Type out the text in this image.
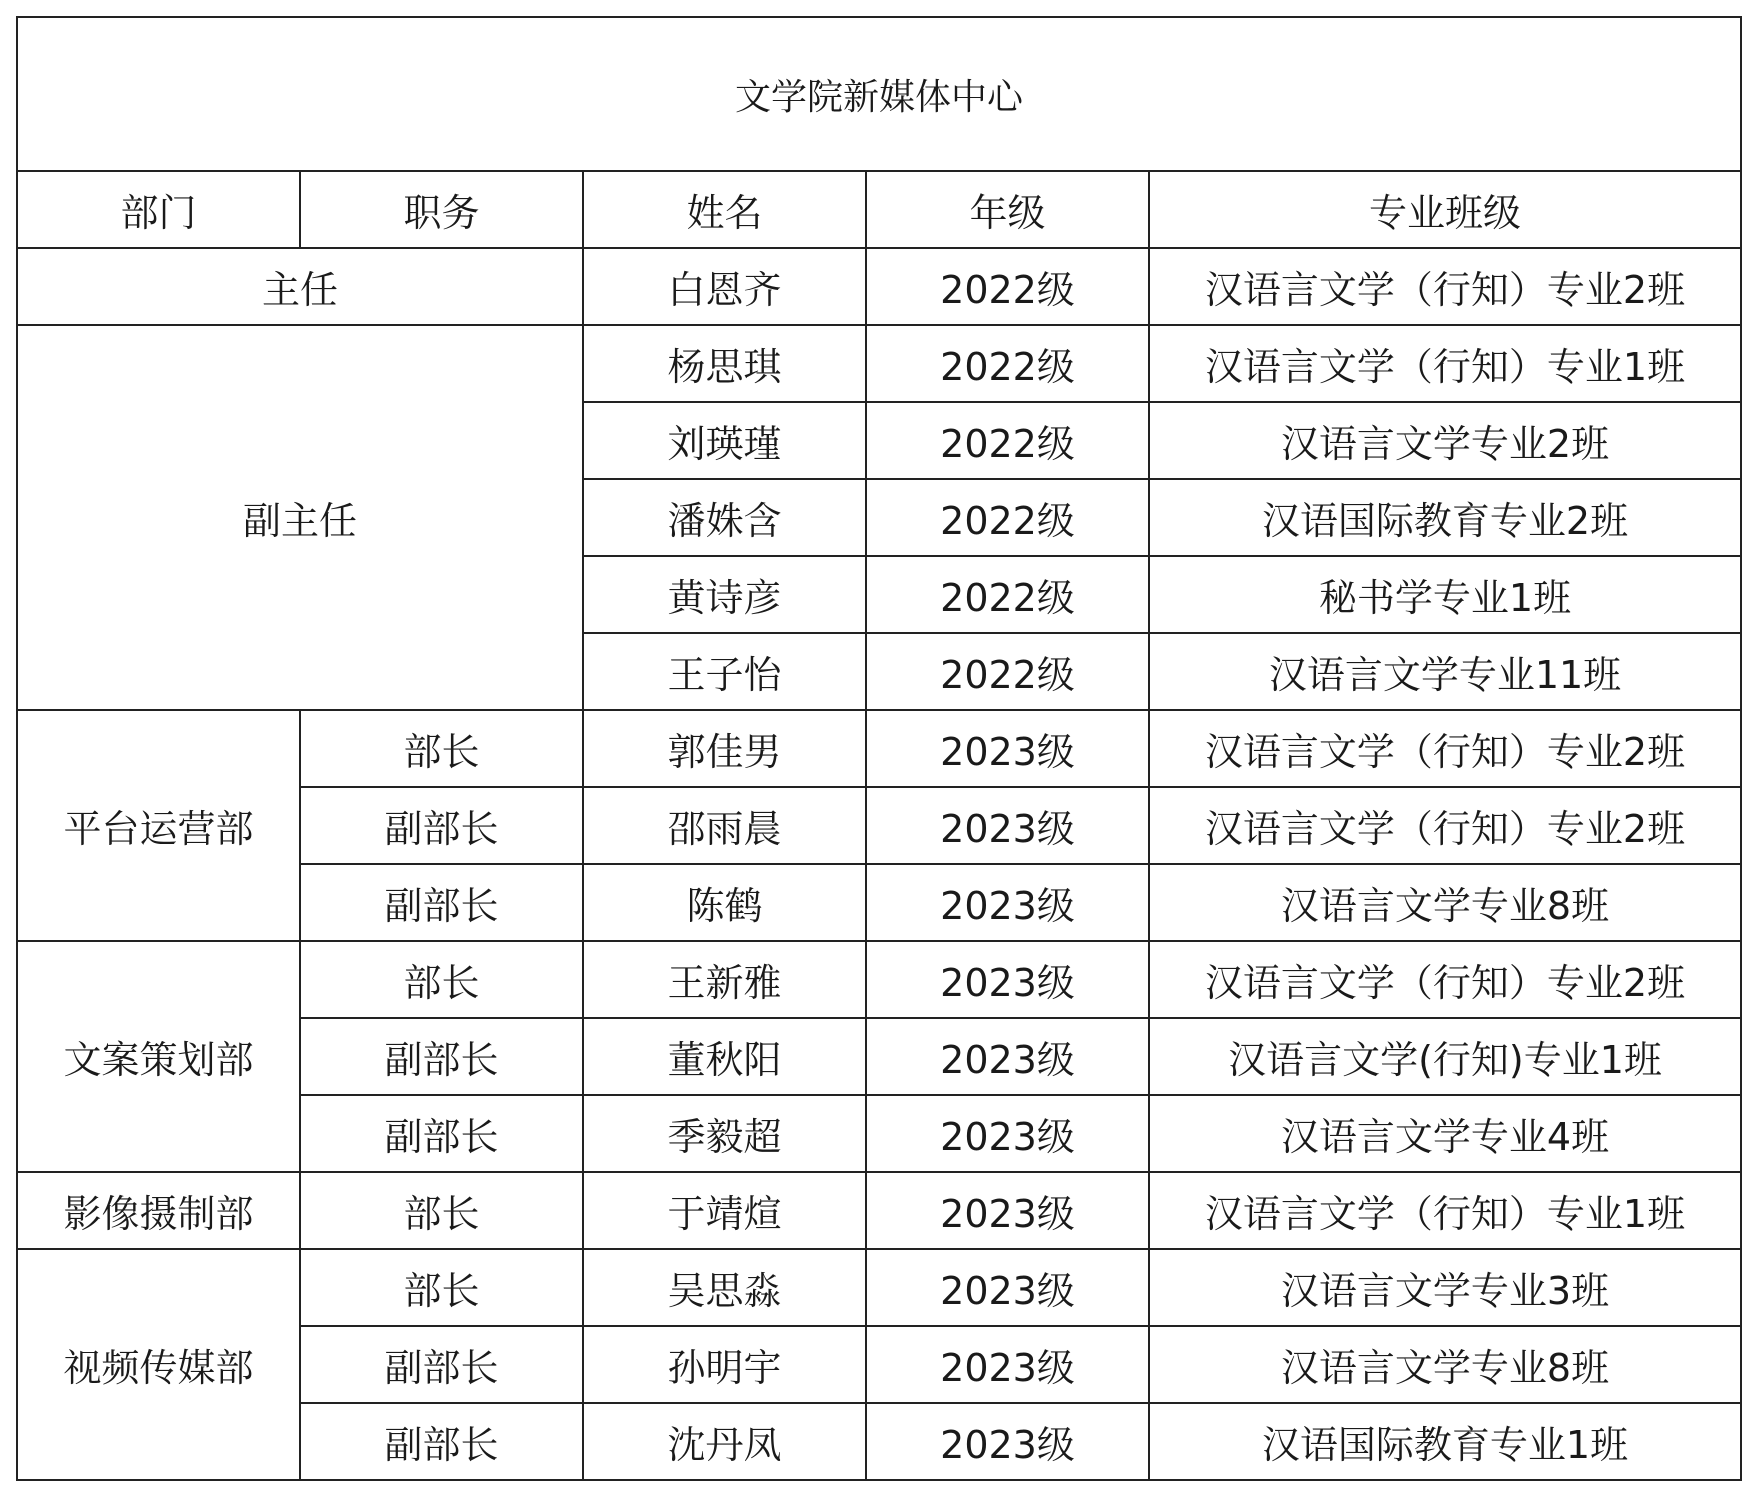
文学院新媒体中心				
部门	职务	姓名	年级	专业班级
主任		白恩齐	2022级	汉语言文学（行知）专业2班
副主任		杨思琪	2022级	汉语言文学（行知）专业1班
		刘瑛瑾	2022级	汉语言文学专业2班
		潘姝含	2022级	汉语国际教育专业2班
		黄诗彦	2022级	秘书学专业1班
		王子怡	2022级	汉语言文学专业11班
平台运营部	部长	郭佳男	2023级	汉语言文学（行知）专业2班
	副部长	邵雨晨	2023级	汉语言文学（行知）专业2班
	副部长	陈鹤	2023级	汉语言文学专业8班
文案策划部	部长	王新雅	2023级	汉语言文学（行知）专业2班
	副部长	董秋阳	2023级	汉语言文学(行知)专业1班
	副部长	季毅超	2023级	汉语言文学专业4班
影像摄制部	部长	于靖煊	2023级	汉语言文学（行知）专业1班
视频传媒部	部长	吴思淼	2023级	汉语言文学专业3班
	副部长	孙明宇	2023级	汉语言文学专业8班
	副部长	沈丹凤	2023级	汉语国际教育专业1班
